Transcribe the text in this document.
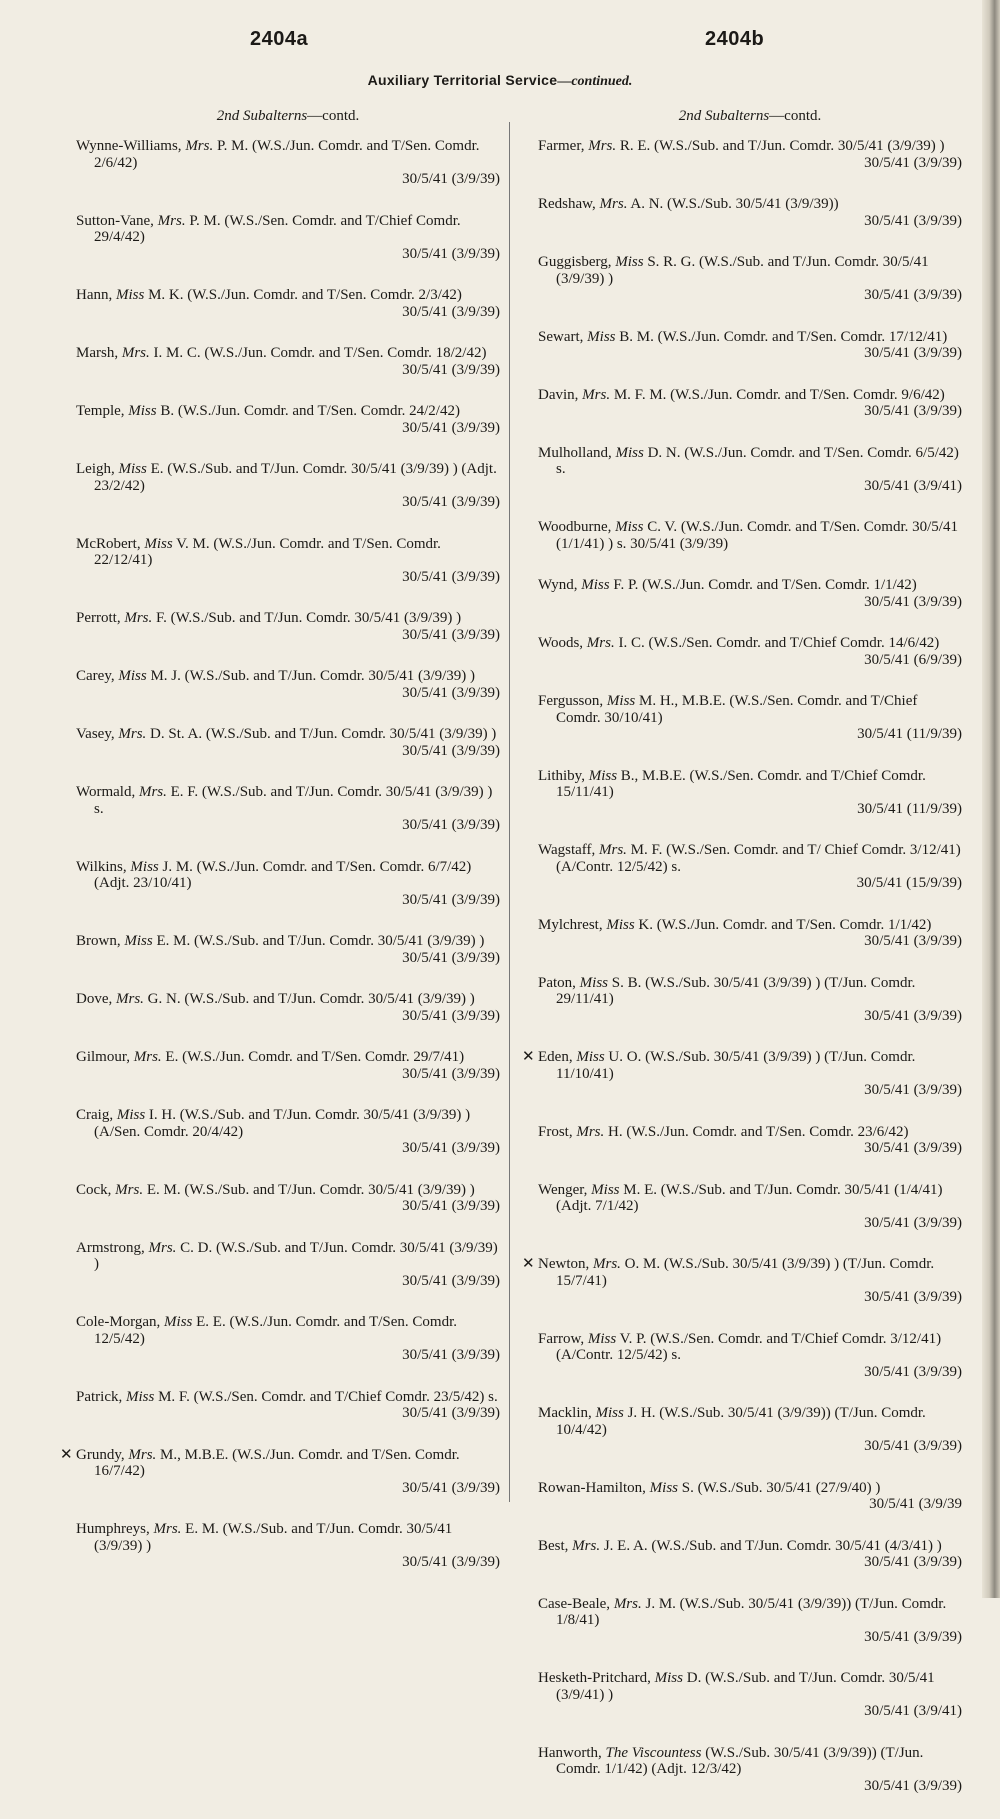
2404a	2404b
Auxiliary Territorial Service—continued.
2nd Subalterns—contd.
Wynne-Williams, Mrs. P. M. (W.S./Jun. Comdr. and T/Sen. Comdr. 2/6/42)
30/5/41 (3/9/39)
Sutton-Vane, Mrs. P. M. (W.S./Sen. Comdr. and T/Chief Comdr. 29/4/42)
30/5/41 (3/9/39)
Hann, Miss M. K. (W.S./Jun. Comdr. and T/Sen. Comdr. 2/3/42)
30/5/41 (3/9/39)
Marsh, Mrs. I. M. C. (W.S./Jun. Comdr. and T/Sen. Comdr. 18/2/42)
30/5/41 (3/9/39)
Temple, Miss B. (W.S./Jun. Comdr. and T/Sen. Comdr. 24/2/42)
30/5/41 (3/9/39)
Leigh, Miss E. (W.S./Sub. and T/Jun. Comdr. 30/5/41 (3/9/39) ) (Adjt. 23/2/42)
30/5/41 (3/9/39)
McRobert, Miss V. M. (W.S./Jun. Comdr. and T/Sen. Comdr. 22/12/41)
30/5/41 (3/9/39)
Perrott, Mrs. F. (W.S./Sub. and T/Jun. Comdr. 30/5/41 (3/9/39) )
30/5/41 (3/9/39)
Carey, Miss M. J. (W.S./Sub. and T/Jun. Comdr. 30/5/41 (3/9/39) )
30/5/41 (3/9/39)
Vasey, Mrs. D. St. A. (W.S./Sub. and T/Jun. Comdr. 30/5/41 (3/9/39) )
30/5/41 (3/9/39)
Wormald, Mrs. E. F. (W.S./Sub. and T/Jun. Comdr. 30/5/41 (3/9/39) ) s.
30/5/41 (3/9/39)
Wilkins, Miss J. M. (W.S./Jun. Comdr. and T/Sen. Comdr. 6/7/42) (Adjt. 23/10/41)
30/5/41 (3/9/39)
Brown, Miss E. M. (W.S./Sub. and T/Jun. Comdr. 30/5/41 (3/9/39) )
30/5/41 (3/9/39)
Dove, Mrs. G. N. (W.S./Sub. and T/Jun. Comdr. 30/5/41 (3/9/39) )
30/5/41 (3/9/39)
Gilmour, Mrs. E. (W.S./Jun. Comdr. and T/Sen. Comdr. 29/7/41)
30/5/41 (3/9/39)
Craig, Miss I. H. (W.S./Sub. and T/Jun. Comdr. 30/5/41 (3/9/39) ) (A/Sen. Comdr. 20/4/42)
30/5/41 (3/9/39)
Cock, Mrs. E. M. (W.S./Sub. and T/Jun. Comdr. 30/5/41 (3/9/39) )
30/5/41 (3/9/39)
Armstrong, Mrs. C. D. (W.S./Sub. and T/Jun. Comdr. 30/5/41 (3/9/39) )
30/5/41 (3/9/39)
Cole-Morgan, Miss E. E. (W.S./Jun. Comdr. and T/Sen. Comdr. 12/5/42)
30/5/41 (3/9/39)
Patrick, Miss M. F. (W.S./Sen. Comdr. and T/Chief Comdr. 23/5/42) s.
30/5/41 (3/9/39)
✕ Grundy, Mrs. M., M.B.E. (W.S./Jun. Comdr. and T/Sen. Comdr. 16/7/42)
30/5/41 (3/9/39)
Humphreys, Mrs. E. M. (W.S./Sub. and T/Jun. Comdr. 30/5/41 (3/9/39) )
30/5/41 (3/9/39)
2nd Subalterns—contd.
Farmer, Mrs. R. E. (W.S./Sub. and T/Jun. Comdr. 30/5/41 (3/9/39) )
30/5/41 (3/9/39)
Redshaw, Mrs. A. N. (W.S./Sub. 30/5/41 (3/9/39))
30/5/41 (3/9/39)
Guggisberg, Miss S. R. G. (W.S./Sub. and T/Jun. Comdr. 30/5/41 (3/9/39) )
30/5/41 (3/9/39)
Sewart, Miss B. M. (W.S./Jun. Comdr. and T/Sen. Comdr. 17/12/41)
30/5/41 (3/9/39)
Davin, Mrs. M. F. M. (W.S./Jun. Comdr. and T/Sen. Comdr. 9/6/42)
30/5/41 (3/9/39)
Mulholland, Miss D. N. (W.S./Jun. Comdr. and T/Sen. Comdr. 6/5/42) s.
30/5/41 (3/9/41)
Woodburne, Miss C. V. (W.S./Jun. Comdr. and T/Sen. Comdr. 30/5/41 (1/1/41) ) s. 30/5/41 (3/9/39)
Wynd, Miss F. P. (W.S./Jun. Comdr. and T/Sen. Comdr. 1/1/42)
30/5/41 (3/9/39)
Woods, Mrs. I. C. (W.S./Sen. Comdr. and T/Chief Comdr. 14/6/42)
30/5/41 (6/9/39)
Fergusson, Miss M. H., M.B.E. (W.S./Sen. Comdr. and T/Chief Comdr. 30/10/41)
30/5/41 (11/9/39)
Lithiby, Miss B., M.B.E. (W.S./Sen. Comdr. and T/Chief Comdr. 15/11/41)
30/5/41 (11/9/39)
Wagstaff, Mrs. M. F. (W.S./Sen. Comdr. and T/ Chief Comdr. 3/12/41) (A/Contr. 12/5/42) s.
30/5/41 (15/9/39)
Mylchrest, Miss K. (W.S./Jun. Comdr. and T/Sen. Comdr. 1/1/42)
30/5/41 (3/9/39)
Paton, Miss S. B. (W.S./Sub. 30/5/41 (3/9/39) ) (T/Jun. Comdr. 29/11/41)
30/5/41 (3/9/39)
✕ Eden, Miss U. O. (W.S./Sub. 30/5/41 (3/9/39) ) (T/Jun. Comdr. 11/10/41)
30/5/41 (3/9/39)
Frost, Mrs. H. (W.S./Jun. Comdr. and T/Sen. Comdr. 23/6/42)
30/5/41 (3/9/39)
Wenger, Miss M. E. (W.S./Sub. and T/Jun. Comdr. 30/5/41 (1/4/41) (Adjt. 7/1/42)
30/5/41 (3/9/39)
✕ Newton, Mrs. O. M. (W.S./Sub. 30/5/41 (3/9/39) ) (T/Jun. Comdr. 15/7/41)
30/5/41 (3/9/39)
Farrow, Miss V. P. (W.S./Sen. Comdr. and T/Chief Comdr. 3/12/41) (A/Contr. 12/5/42) s.
30/5/41 (3/9/39)
Macklin, Miss J. H. (W.S./Sub. 30/5/41 (3/9/39)) (T/Jun. Comdr. 10/4/42)
30/5/41 (3/9/39)
Rowan-Hamilton, Miss S. (W.S./Sub. 30/5/41 (27/9/40) )
30/5/41 (3/9/39
Best, Mrs. J. E. A. (W.S./Sub. and T/Jun. Comdr. 30/5/41 (4/3/41) )
30/5/41 (3/9/39)
Case-Beale, Mrs. J. M. (W.S./Sub. 30/5/41 (3/9/39)) (T/Jun. Comdr. 1/8/41)
30/5/41 (3/9/39)
Hesketh-Pritchard, Miss D. (W.S./Sub. and T/Jun. Comdr. 30/5/41 (3/9/41) )
30/5/41 (3/9/41)
Hanworth, The Viscountess (W.S./Sub. 30/5/41 (3/9/39)) (T/Jun. Comdr. 1/1/42) (Adjt. 12/3/42)
30/5/41 (3/9/39)
